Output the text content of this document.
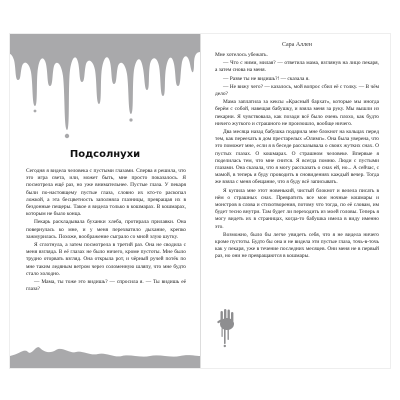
Подсолнухи

Сегодня я видела человека с пустыми глазами. Сперва я решила, что это игра света, или, может быть, мне просто показалось. Я посмотрела ещё раз, но уже внимательнее. Пустые глаза. У пекаря были по-настоящему пустые глаза, словно их кто-то раскопал ложкой, а эта бесцветность заполняла глазницы, превращая их в бездонные пещеры. Такое я видела только в кошмарах. В кошмарах, которым не было конца.

Пекарь раскладывала буханки хлеба, протирала прилавки. Она повернулась ко мне, и у меня перехватило дыхание, крепко зажмурилась. Похоже, воображение сыграло со мной злую шутку.

Я сглотнула, а затем посмотрела в третий раз. Она не сводила с меня взгляда. В её глазах не было ничего, кроме пустоты. Мне было трудно оторвать взгляд. Она открыла рот, и чёрный ручей потёк по мне таким ледяным ветром через соломенную шляпу, что мне будто стало холодно.

— Мама, ты тоже это видишь? — спросила я. — Ты видишь её глаза?

Сара Аллен

Мне хотелось убежать.

— Что с ними, милая? — ответила мама, взглянув на лицо пекаря, а затем снова на меня.

— Разве ты не видишь?! — сказала я.

— Не вижу чего? — казалось, мой вопрос сбил её с толку. — В чём дело?

Мама заплатила за кексы «Красный бархат», которые мы иногда берём с собой, навещая бабушку, и взяла меня за руку. Мы вышли из пекарни. Я чувствовала, как позади всё было очень плохо, как будто ничего жуткого и страшного не произошло, вообще ничего.

Два месяца назад бабушка подарила мне блокнот на кольцах перед тем, как переехать в дом престарелых «Олимп». Она была уверена, что это поможет мне, если я в беседе рассказывала о своих жутких снах. О пустых глазах. О кошмарах. О страшном человеке. Впервые я поделилась тем, что мне снится. Я всегда помню. Люди с пустыми глазами. Она сказала, что я могу рассказать о снах ей, но... А сейчас, с мамой, в теперь я буду проводить в сновидениях каждый вечер. Тогда же взяла с меня обещание, что я буду всё записывать.

Я купила мне этот новенький, чистый блокнот и велела писать в нём о страшных снах. Превратить все мои ночные кошмары и монстров в слова и стихотворения, потому что тогда, по её словам, им будет тесно внутри. Там будет ли переходить из моей головы. Теперь я могу видеть их в страницах, когда-то бабушка имела в виду именно это.

Возможно, было бы легче увидеть себя, что я не видела ничего кроме пустоты. Будто бы она и не видела эти пустые глаза, точь-в-точь как у пекаря, уже в течение последних месяцев. Они меня не в первый раз, но они не превращаются в кошмары.
